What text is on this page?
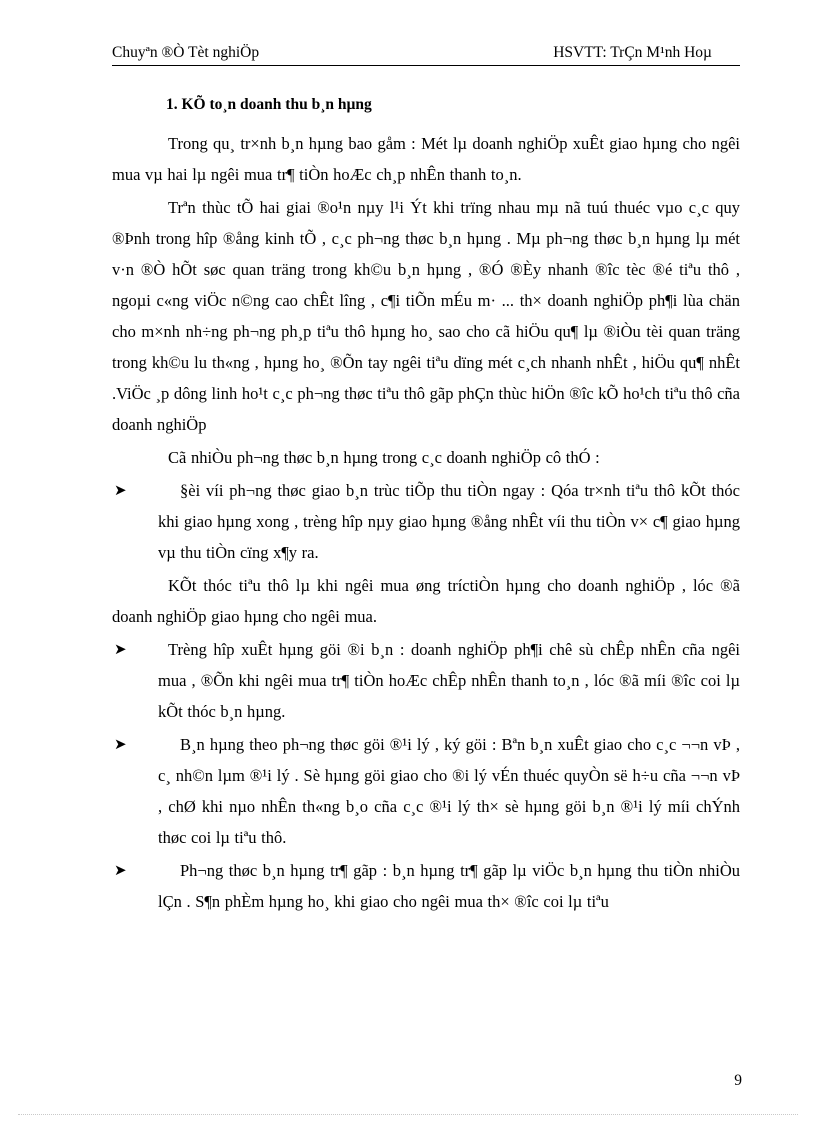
Chuyªn ®Ò Tèt nghiÖp	HSVTT: TrÇn M¹nh Hoµ
1. KÕ to¸n doanh thu b¸n hµng

Trong qu¸ tr×nh b¸n hµng bao gåm : Mét lµ doanh nghiÖp xuÊt giao hµng cho ngêi mua vµ hai lµ ngêi mua tr¶ tiÒn hoÆc ch¸p nhÊn thanh to¸n.

Trªn thùc tÕ hai giai ®o¹n nµy l¹i Ýt khi trïng nhau mµ nã tuú thuéc vµo c¸c quy ®Þnh trong hîp ®ång kinh tÕ , c¸c ph¬ng thøc b¸n hµng . Mµ ph¬ng thøc b¸n hµng lµ mét v·n ®Ò hÕt søc quan träng trong kh©u b¸n hµng , ®Ó ®Èy nhanh ®îc tèc ®é tiªu thô , ngoµi c«ng viÖc n©ng cao chÊt lîng , c¶i tiÕn mÉu m· ... th× doanh nghiÖp ph¶i lùa chän cho m×nh nh÷ng ph¬ng ph¸p tiªu thô hµng ho¸ sao cho cã hiÖu qu¶ lµ ®iÒu tèi quan träng trong kh©u lu th«ng , hµng ho¸ ®Õn tay ngêi tiªu dïng mét c¸ch nhanh nhÊt , hiÖu qu¶ nhÊt .ViÖc ¸p dông linh ho¹t c¸c ph¬ng thøc tiªu thô gãp phÇn thùc hiÖn ®îc kÕ ho¹ch tiªu thô cña doanh nghiÖp

Cã nhiÒu ph¬ng thøc b¸n hµng trong c¸c doanh nghiÖp cô thÓ :

➤	§èi víi ph¬ng thøc giao b¸n trùc tiÕp thu tiÒn ngay : Qóa tr×nh tiªu thô kÕt thóc khi giao hµng xong , trèng hîp nµy giao hµng ®ång nhÊt víi thu tiÒn v× c¶ giao hµng vµ thu tiÒn cïng x¶y ra.

KÕt thóc tiªu thô lµ khi ngêi mua øng tríctiÒn hµng cho doanh nghiÖp , lóc ®ã doanh nghiÖp giao hµng cho ngêi mua.

➤	Trèng hîp xuÊt hµng göi ®i b¸n : doanh nghiÖp ph¶i chê sù chÊp nhÊn cña ngêi mua , ®Õn khi ngêi mua tr¶ tiÒn hoÆc chÊp nhÊn thanh to¸n , lóc ®ã míi ®îc coi lµ kÕt thóc b¸n hµng.
➤	B¸n hµng theo ph¬ng thøc göi ®¹i lý , ký göi : Bªn b¸n xuÊt giao cho c¸c ¬¬n vÞ , c¸ nh©n lµm ®¹i lý . Sè hµng göi giao cho ®i lý vÉn thuéc quyÒn së h÷u cña ¬¬n vÞ , chØ khi nµo nhÊn th«ng b¸o cña c¸c ®¹i lý th× sè hµng göi b¸n ®¹i lý míi chÝnh thøc coi lµ tiªu thô.
➤	Ph¬ng thøc b¸n hµng tr¶ gãp : b¸n hµng tr¶ gãp lµ viÖc b¸n hµng thu tiÒn nhiÒu lÇn . S¶n phÈm hµng ho¸ khi giao cho ngêi mua th× ®îc coi lµ tiªu
9
